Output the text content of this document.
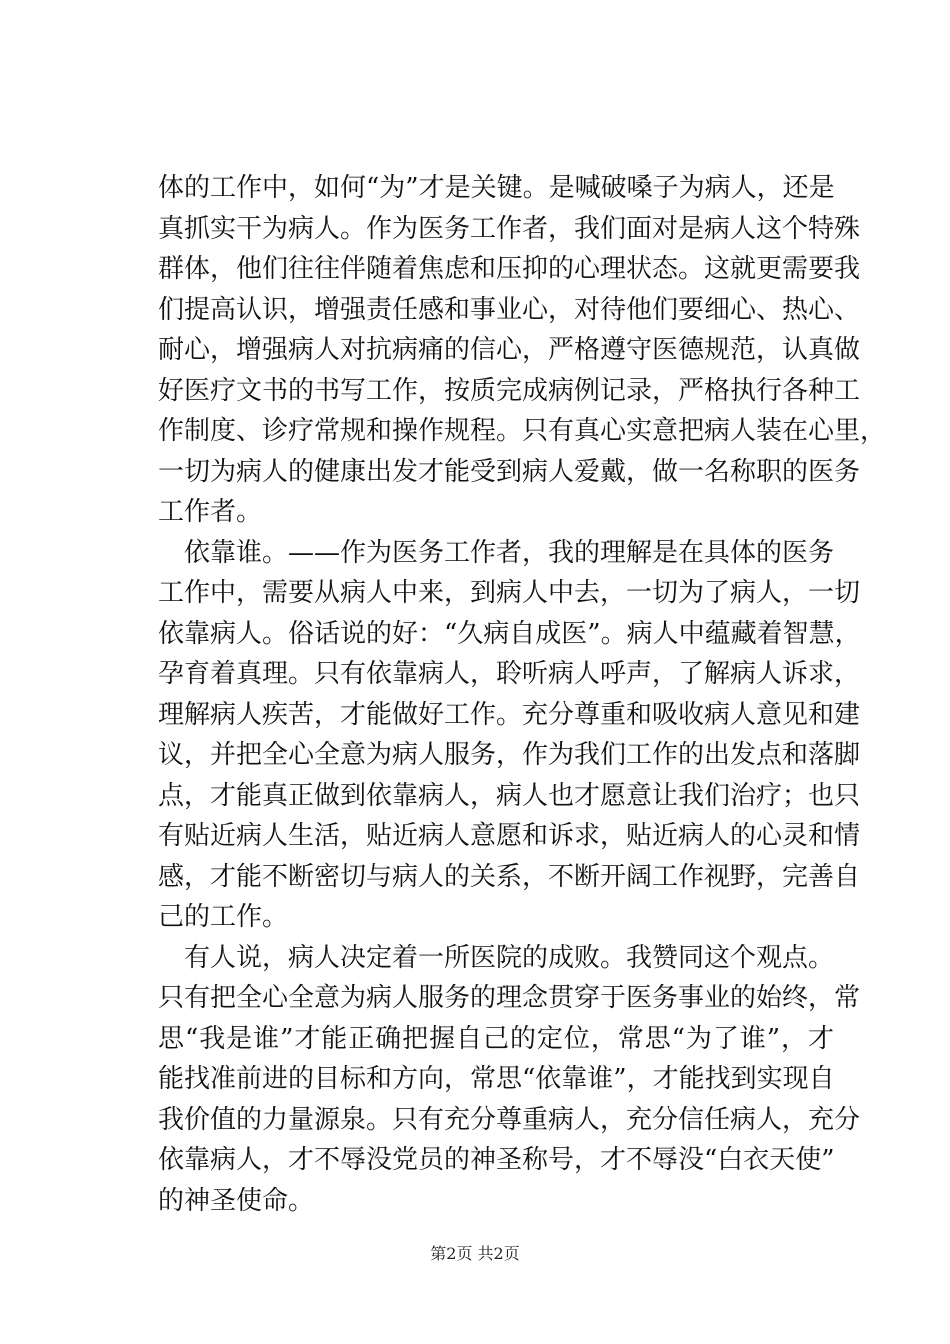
体的工作中，如何“为”才是关键。是喊破嗓子为病人，还是
真抓实干为病人。作为医务工作者，我们面对是病人这个特殊
群体，他们往往伴随着焦虑和压抑的心理状态。这就更需要我
们提高认识，增强责任感和事业心，对待他们要细心、热心、
耐心，增强病人对抗病痛的信心，严格遵守医德规范，认真做
好医疗文书的书写工作，按质完成病例记录，严格执行各种工
作制度、诊疗常规和操作规程。只有真心实意把病人装在心里，
一切为病人的健康出发才能受到病人爱戴，做一名称职的医务
工作者。
依靠谁。——作为医务工作者，我的理解是在具体的医务
工作中，需要从病人中来，到病人中去，一切为了病人，一切
依靠病人。俗话说的好：“久病自成医”。病人中蕴藏着智慧，
孕育着真理。只有依靠病人，聆听病人呼声，了解病人诉求，
理解病人疾苦，才能做好工作。充分尊重和吸收病人意见和建
议，并把全心全意为病人服务，作为我们工作的出发点和落脚
点，才能真正做到依靠病人，病人也才愿意让我们治疗；也只
有贴近病人生活，贴近病人意愿和诉求，贴近病人的心灵和情
感，才能不断密切与病人的关系，不断开阔工作视野，完善自
己的工作。
有人说，病人决定着一所医院的成败。我赞同这个观点。
只有把全心全意为病人服务的理念贯穿于医务事业的始终，常
思“我是谁”才能正确把握自己的定位，常思“为了谁”，才
能找准前进的目标和方向，常思“依靠谁”，才能找到实现自
我价值的力量源泉。只有充分尊重病人，充分信任病人，充分
依靠病人，才不辱没党员的神圣称号，才不辱没“白衣天使”
的神圣使命。
第2页 共2页
